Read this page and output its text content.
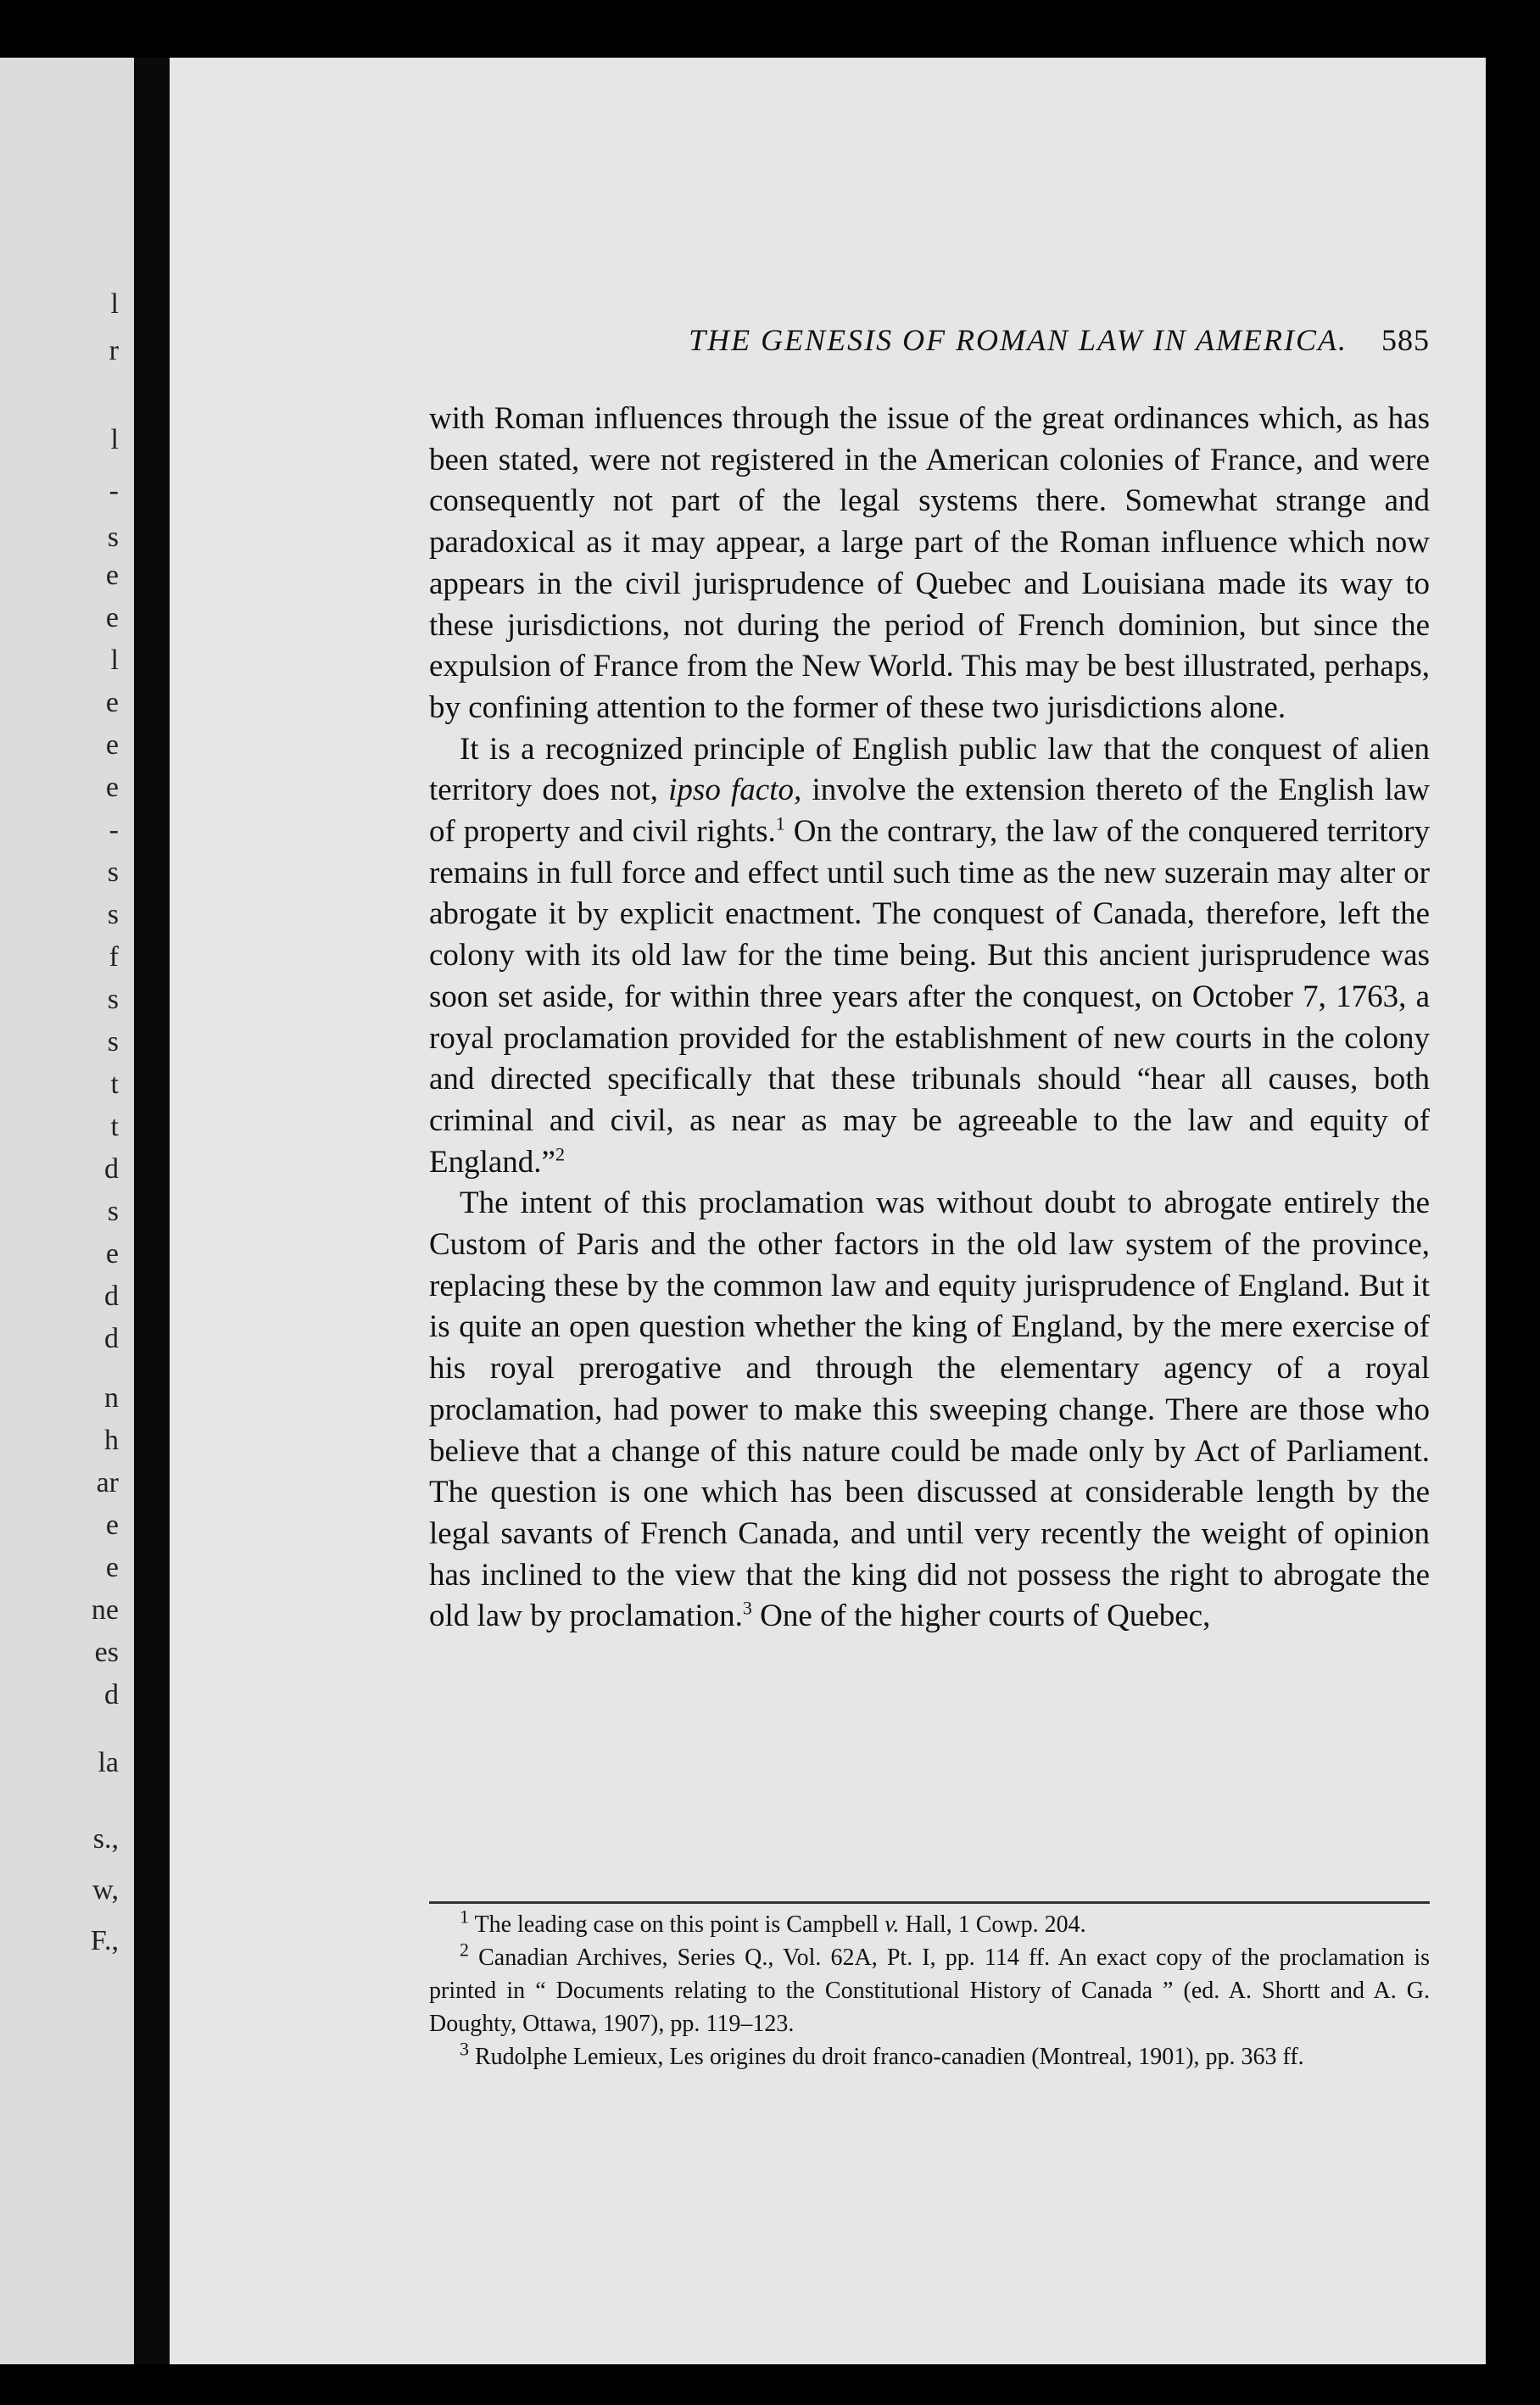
l
r
l
-
s
e
e
l
e
e
e
-
s
s
f
s
s
t
t
d
s
e
d
d
n
h
ar
e
e
ne
es
d
la
s.,
w,
F.,
THE GENESIS OF ROMAN LAW IN AMERICA. 585

with Roman influences through the issue of the great ordinances which, as has been stated, were not registered in the American colonies of France, and were consequently not part of the legal systems there. Somewhat strange and paradoxical as it may appear, a large part of the Roman influence which now appears in the civil jurisprudence of Quebec and Louisiana made its way to these jurisdictions, not during the period of French dominion, but since the expulsion of France from the New World. This may be best illustrated, perhaps, by confining attention to the former of these two jurisdictions alone.

It is a recognized principle of English public law that the conquest of alien territory does not, ipso facto, involve the extension thereto of the English law of property and civil rights.$^1$ On the contrary, the law of the conquered territory remains in full force and effect until such time as the new suzerain may alter or abrogate it by explicit enactment. The conquest of Canada, therefore, left the colony with its old law for the time being. But this ancient jurisprudence was soon set aside, for within three years after the conquest, on October 7, 1763, a royal proclamation provided for the establishment of new courts in the colony and directed specifically that these tribunals should “hear all causes, both criminal and civil, as near as may be agreeable to the law and equity of England.”$^2$

The intent of this proclamation was without doubt to abrogate entirely the Custom of Paris and the other factors in the old law system of the province, replacing these by the common law and equity jurisprudence of England. But it is quite an open question whether the king of England, by the mere exercise of his royal prerogative and through the elementary agency of a royal proclamation, had power to make this sweeping change. There are those who believe that a change of this nature could be made only by Act of Parliament. The question is one which has been discussed at considerable length by the legal savants of French Canada, and until very recently the weight of opinion has inclined to the view that the king did not possess the right to abrogate the old law by proclamation.$^3$ One of the higher courts of Quebec,

$^1$ The leading case on this point is Campbell v. Hall, 1 Cowp. 204.

$^2$ Canadian Archives, Series Q., Vol. 62A, Pt. I, pp. 114 ff. An exact copy of the proclamation is printed in “ Documents relating to the Constitutional History of Canada ” (ed. A. Shortt and A. G. Doughty, Ottawa, 1907), pp. 119–123.

$^3$ Rudolphe Lemieux, Les origines du droit franco-canadien (Montreal, 1901), pp. 363 ff.
